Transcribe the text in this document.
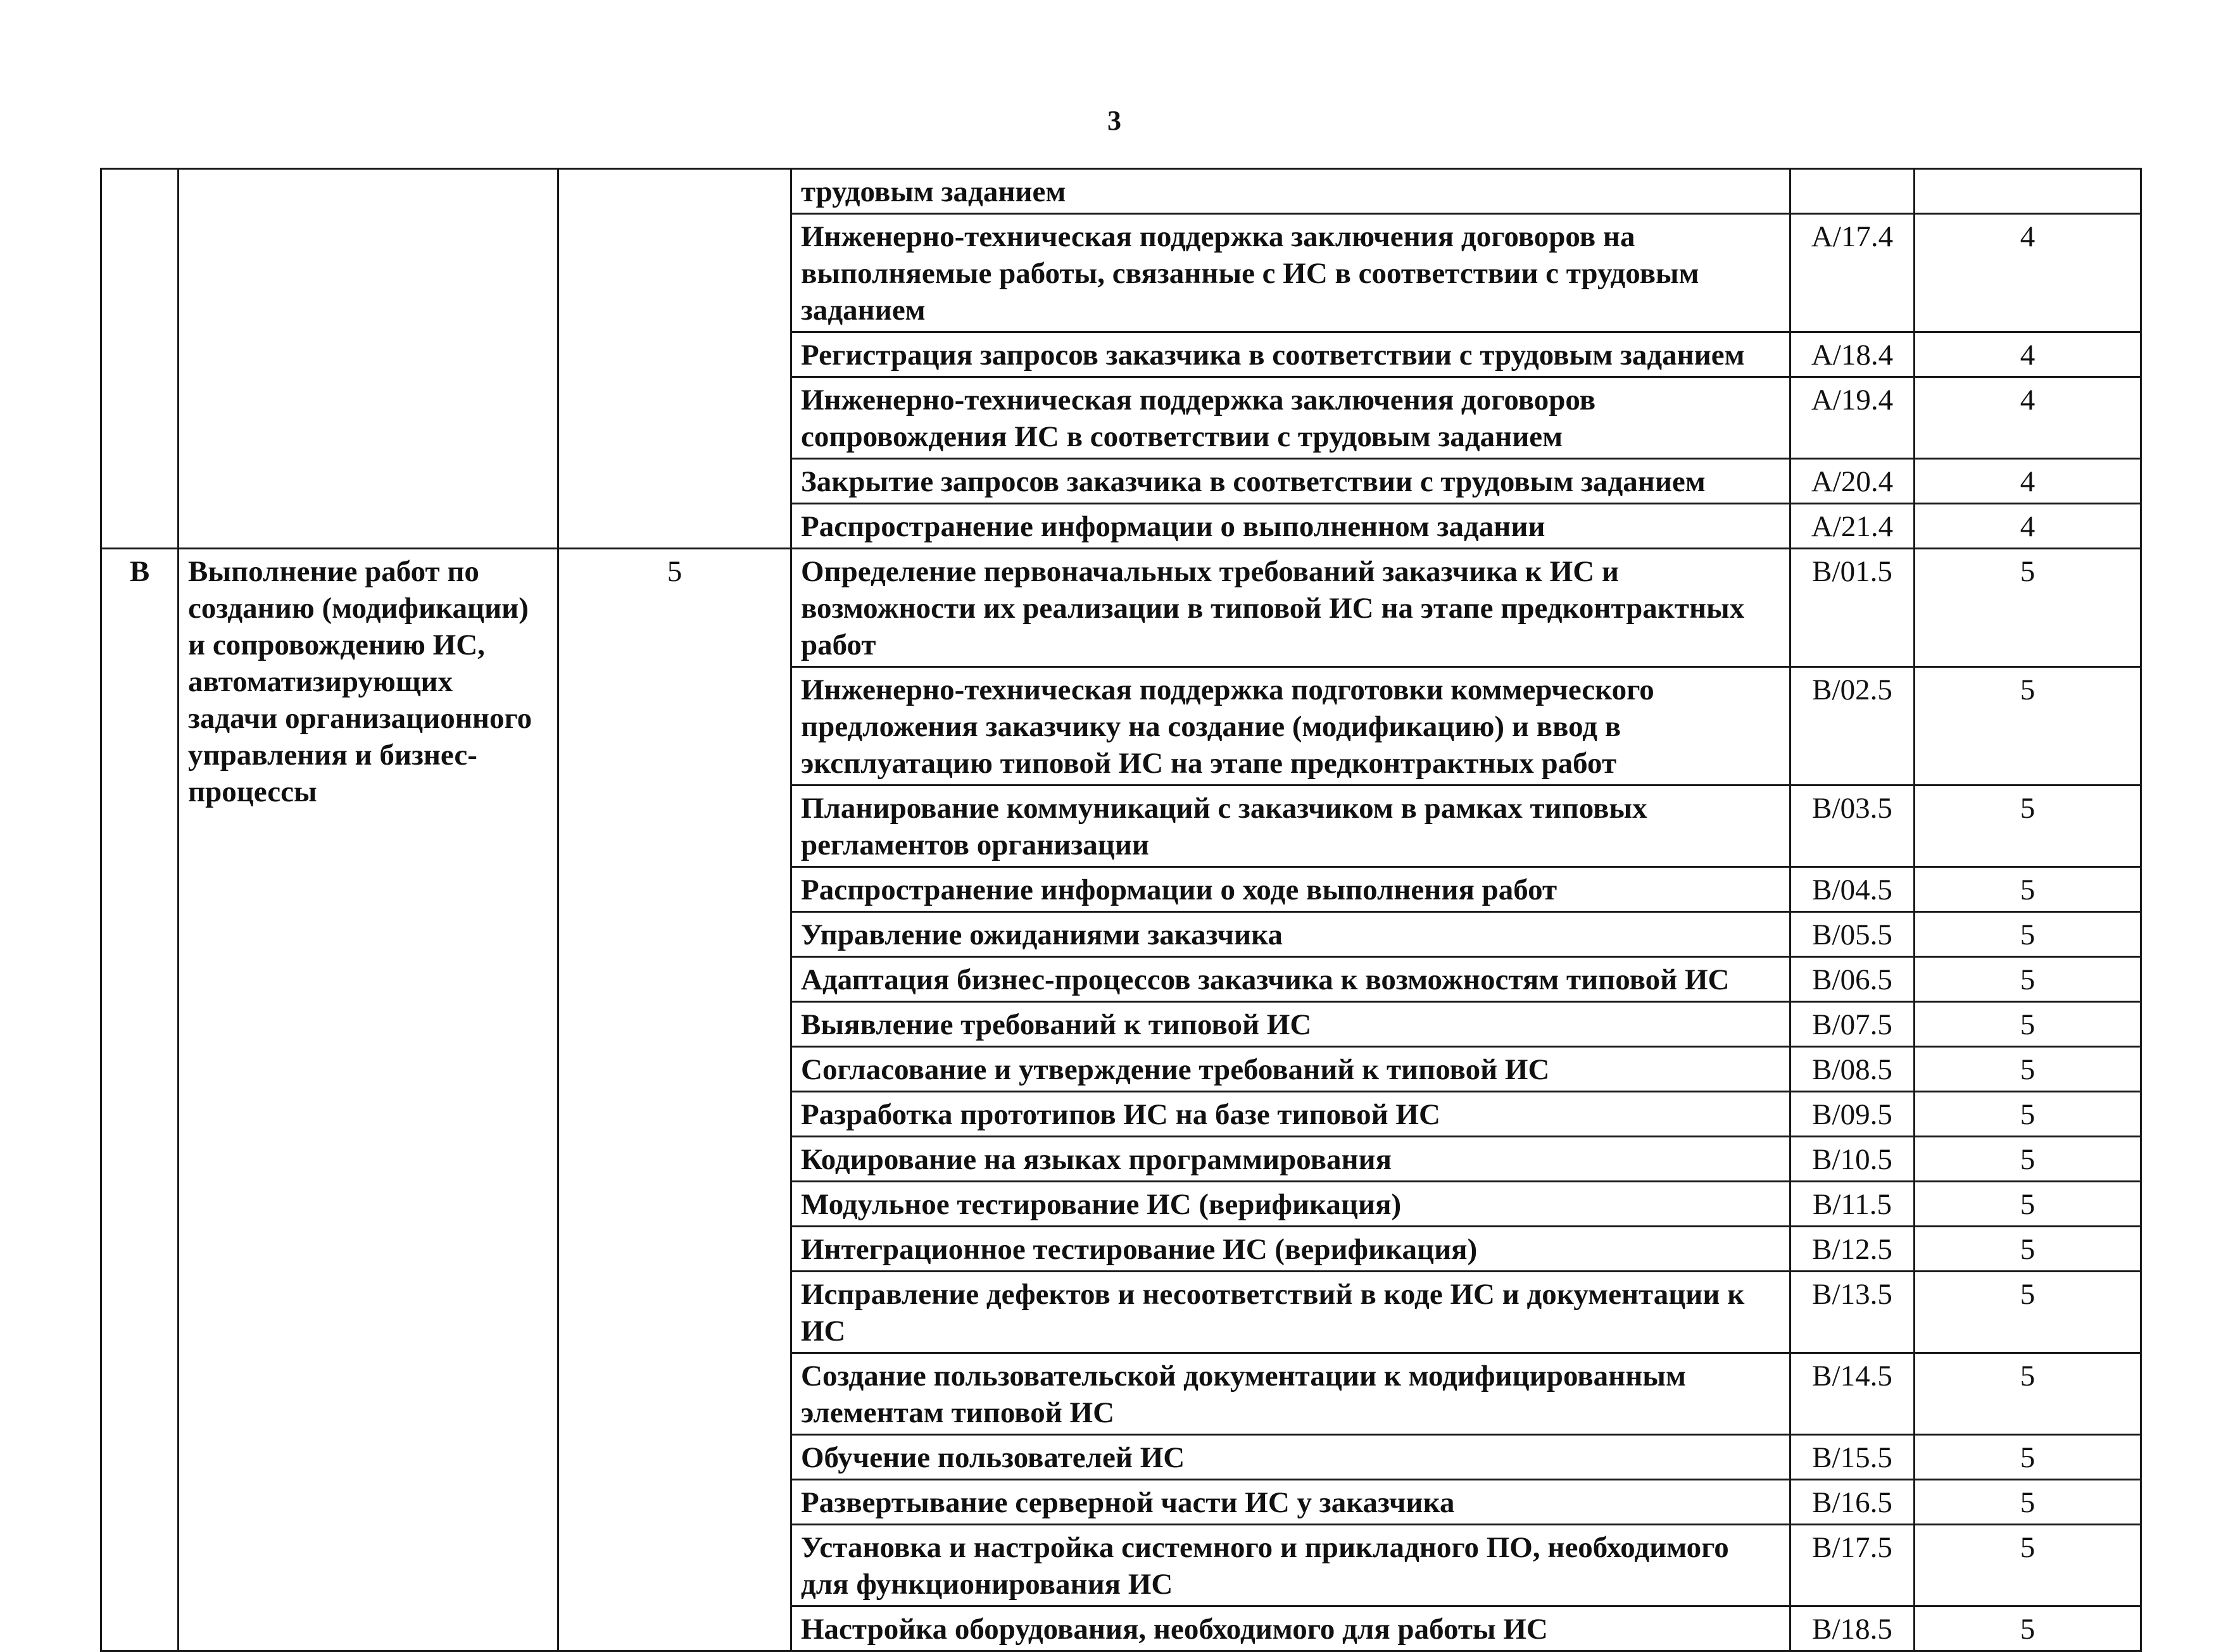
3
			трудовым заданием		
			Инженерно-техническая поддержка заключения договоров на выполняемые работы, связанные с ИС в соответствии с трудовым заданием	A/17.4	4
			Регистрация запросов заказчика в соответствии с трудовым заданием	A/18.4	4
			Инженерно-техническая поддержка заключения договоров сопровождения ИС в соответствии с трудовым заданием	A/19.4	4
			Закрытие запросов заказчика в соответствии с трудовым заданием	A/20.4	4
			Распространение информации о выполненном задании	A/21.4	4
B	Выполнение работ по созданию (модификации) и сопровождению ИС, автоматизирующих задачи организационного управления и бизнес-процессы	5	Определение первоначальных требований заказчика к ИС и возможности их реализации в типовой ИС на этапе предконтрактных работ	B/01.5	5
			Инженерно-техническая поддержка подготовки коммерческого предложения заказчику на создание (модификацию) и ввод в эксплуатацию типовой ИС на этапе предконтрактных работ	B/02.5	5
			Планирование коммуникаций с заказчиком в рамках типовых регламентов организации	B/03.5	5
			Распространение информации о ходе выполнения работ	B/04.5	5
			Управление ожиданиями заказчика	B/05.5	5
			Адаптация бизнес-процессов заказчика к возможностям типовой ИС	B/06.5	5
			Выявление требований к типовой ИС	B/07.5	5
			Согласование и утверждение требований к типовой ИС	B/08.5	5
			Разработка прототипов ИС на базе типовой ИС	B/09.5	5
			Кодирование на языках программирования	B/10.5	5
			Модульное тестирование ИС (верификация)	B/11.5	5
			Интеграционное тестирование ИС (верификация)	B/12.5	5
			Исправление дефектов и несоответствий в коде ИС и документации к ИС	B/13.5	5
			Создание пользовательской документации к модифицированным элементам типовой ИС	B/14.5	5
			Обучение пользователей ИС	B/15.5	5
			Развертывание серверной части ИС у заказчика	B/16.5	5
			Установка и настройка системного и прикладного ПО, необходимого для функционирования ИС	B/17.5	5
			Настройка оборудования, необходимого для работы ИС	B/18.5	5
